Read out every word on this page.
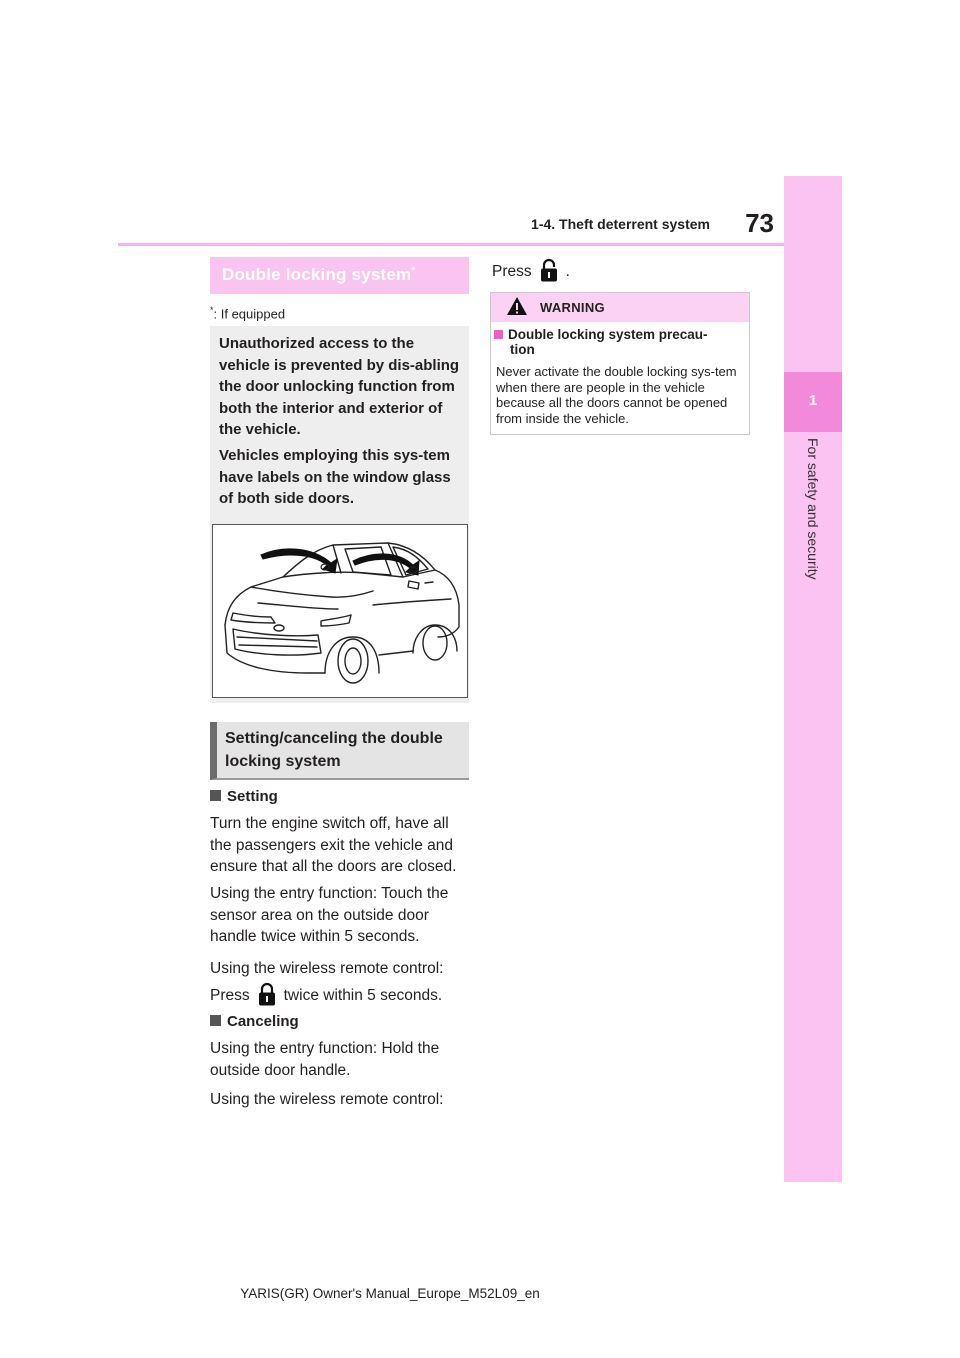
1-4. Theft deterrent system	73
1
For safety and security
Double locking system*
*: If equipped
Unauthorized access to the vehicle is prevented by dis-abling the door unlocking function from both the interior and exterior of the vehicle.
Vehicles employing this sys-tem have labels on the window glass of both side doors.
Setting/canceling the double locking system
Setting
Turn the engine switch off, have all the passengers exit the vehicle and ensure that all the doors are closed.
Using the entry function: Touch the sensor area on the outside door handle twice within 5 seconds.
Using the wireless remote control:
Press twice within 5 seconds.
Canceling
Using the entry function: Hold the outside door handle.
Using the wireless remote control:
Press .
WARNING
Double locking system precau-
tion
Never activate the double locking sys-tem when there are people in the vehicle because all the doors cannot be opened from inside the vehicle.
YARIS(GR) Owner's Manual_Europe_M52L09_en
